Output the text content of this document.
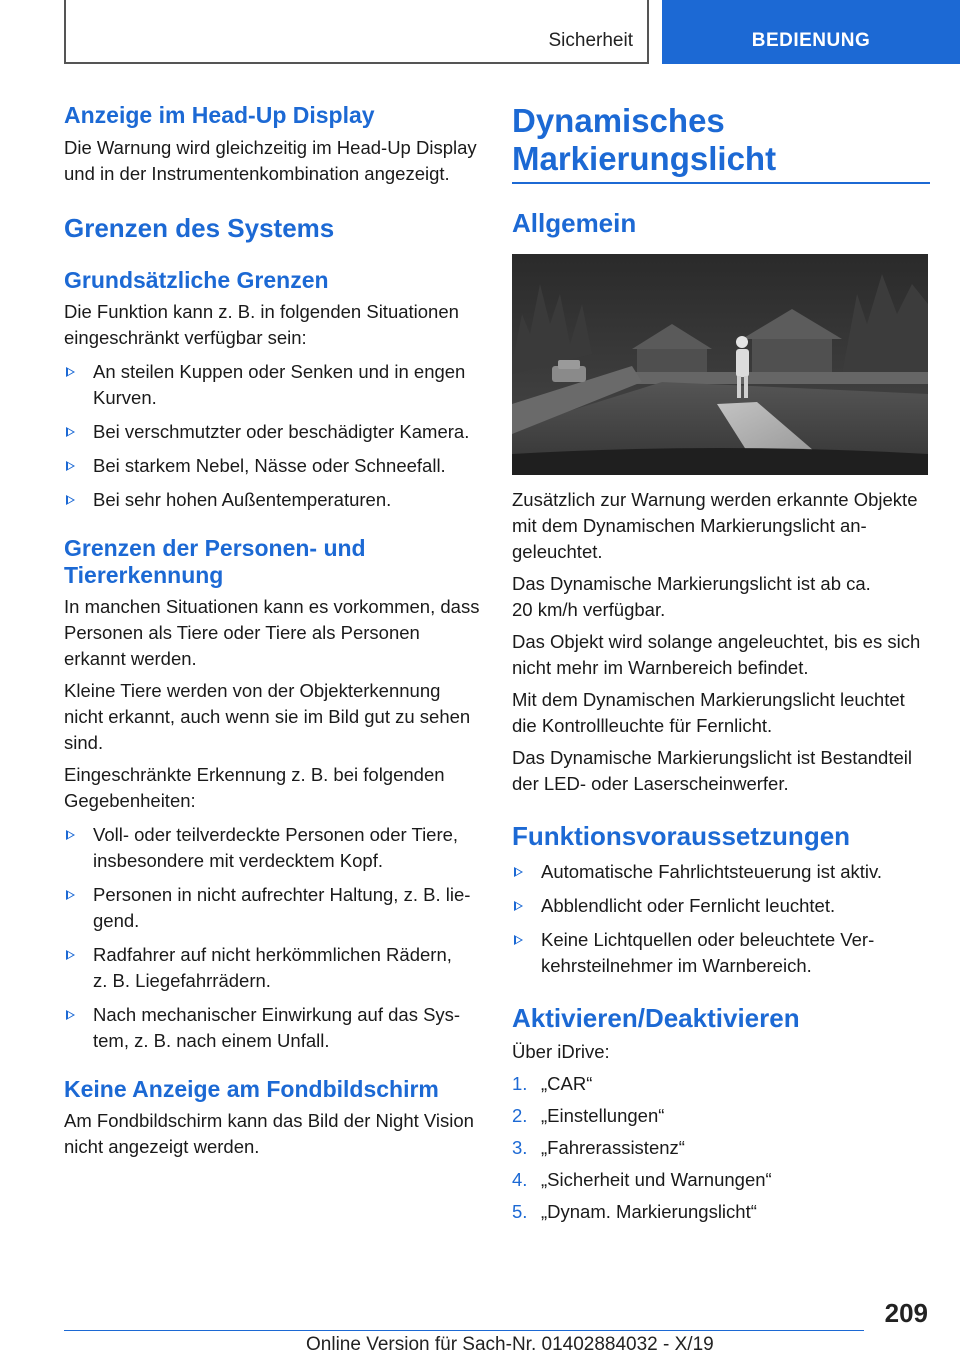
Sicherheit	BEDIENUNG
Anzeige im Head-Up Display

Die Warnung wird gleichzeitig im Head-Up Display und in der Instrumentenkombination angezeigt.

Grenzen des Systems
Grundsätzliche Grenzen

Die Funktion kann z. B. in folgenden Situationen eingeschränkt verfügbar sein:

An steilen Kuppen oder Senken und in engen Kurven.
Bei verschmutzter oder beschädigter Kamera.
Bei starkem Nebel, Nässe oder Schneefall.
Bei sehr hohen Außentemperaturen.
Grenzen der Personen- und Tiererkennung

In manchen Situationen kann es vorkommen, dass Personen als Tiere oder Tiere als Personen erkannt werden.

Kleine Tiere werden von der Objekterkennung nicht erkannt, auch wenn sie im Bild gut zu sehen sind.

Eingeschränkte Erkennung z. B. bei folgenden Gegebenheiten:

Voll- oder teilverdeckte Personen oder Tiere, insbesondere mit verdecktem Kopf.
Personen in nicht aufrechter Haltung, z. B. liegend.
Radfahrer auf nicht herkömmlichen Rädern, z. B. Liegefahrrädern.
Nach mechanischer Einwirkung auf das System, z. B. nach einem Unfall.
Keine Anzeige am Fondbildschirm

Am Fondbildschirm kann das Bild der Night Vision nicht angezeigt werden.

Dynamisches Markierungslicht
Allgemein

Zusätzlich zur Warnung werden erkannte Objekte mit dem Dynamischen Markierungslicht angeleuchtet.

Das Dynamische Markierungslicht ist ab ca. 20 km/h verfügbar.

Das Objekt wird solange angeleuchtet, bis es sich nicht mehr im Warnbereich befindet.

Mit dem Dynamischen Markierungslicht leuchtet die Kontrollleuchte für Fernlicht.

Das Dynamische Markierungslicht ist Bestandteil der LED- oder Laserscheinwerfer.

Funktionsvoraussetzungen
Automatische Fahrlichtsteuerung ist aktiv.
Abblendlicht oder Fernlicht leuchtet.
Keine Lichtquellen oder beleuchtete Verkehrsteilnehmer im Warnbereich.
Aktivieren/Deaktivieren

Über iDrive:

1. „CAR“
2. „Einstellungen“
3. „Fahrerassistenz“
4. „Sicherheit und Warnungen“
5. „Dynam. Markierungslicht“
209
Online Version für Sach-Nr. 01402884032 - X/19
